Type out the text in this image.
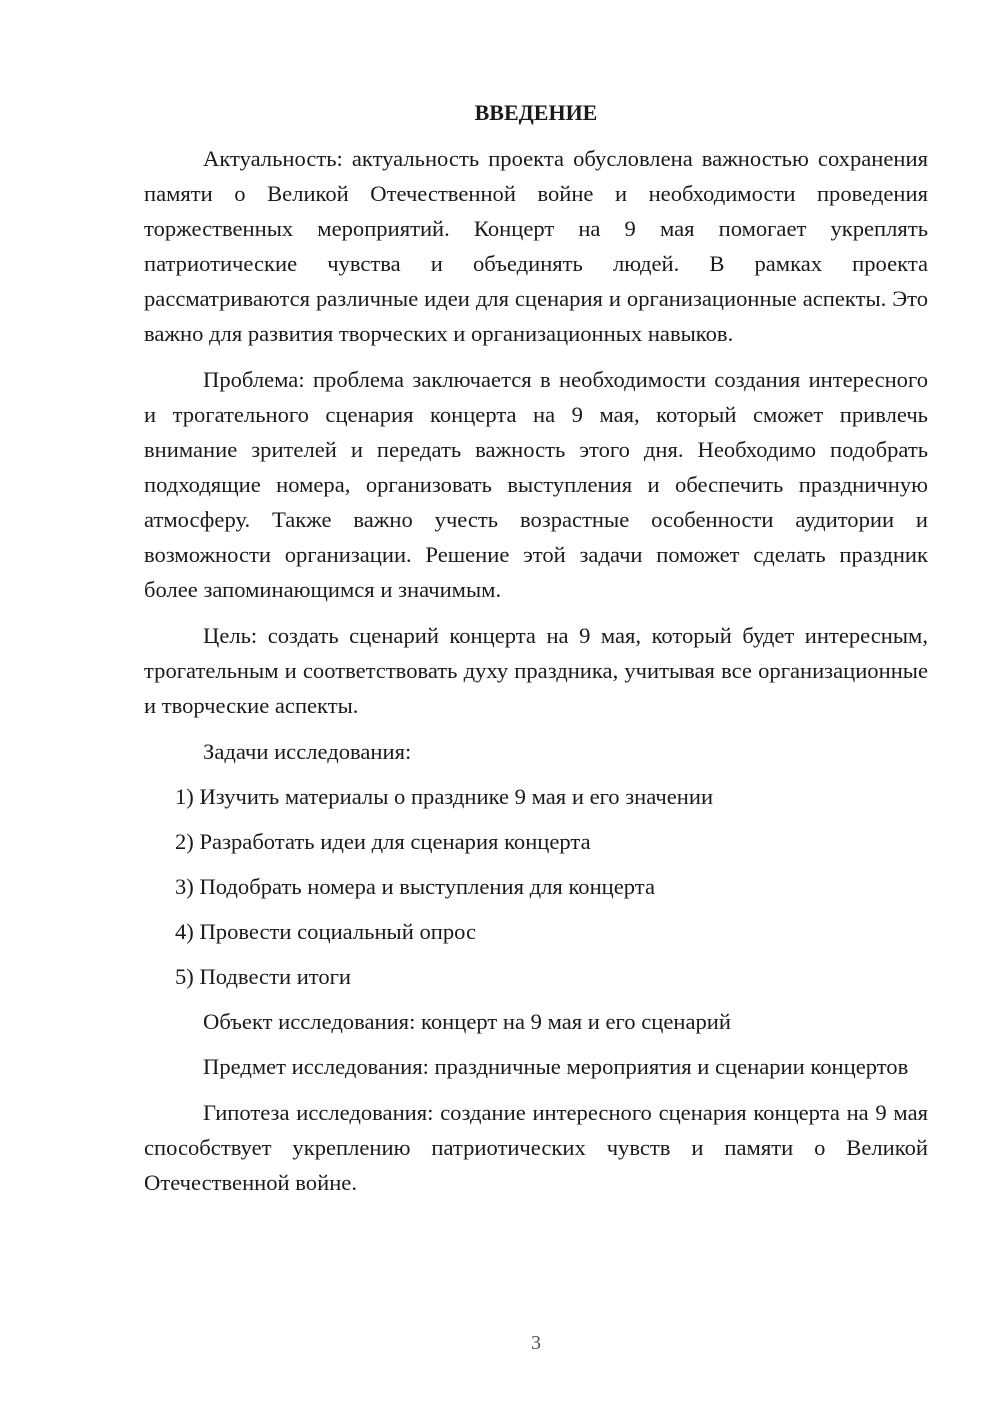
ВВЕДЕНИЕ

Актуальность: актуальность проекта обусловлена важностью сохранения памяти о Великой Отечественной войне и необходимости проведения торжественных мероприятий. Концерт на 9 мая помогает укреплять патриотические чувства и объединять людей. В рамках проекта рассматриваются различные идеи для сценария и организационные аспекты. Это важно для развития творческих и организационных навыков.

Проблема: проблема заключается в необходимости создания интересного и трогательного сценария концерта на 9 мая, который сможет привлечь внимание зрителей и передать важность этого дня. Необходимо подобрать подходящие номера, организовать выступления и обеспечить праздничную атмосферу. Также важно учесть возрастные особенности аудитории и возможности организации. Решение этой задачи поможет сделать праздник более запоминающимся и значимым.

Цель: создать сценарий концерта на 9 мая, который будет интересным, трогательным и соответствовать духу праздника, учитывая все организационные и творческие аспекты.

Задачи исследования:
1) Изучить материалы о празднике 9 мая и его значении
2) Разработать идеи для сценария концерта
3) Подобрать номера и выступления для концерта
4) Провести социальный опрос
5) Подвести итоги
Объект исследования: концерт на 9 мая и его сценарий

Предмет исследования: праздничные мероприятия и сценарии концертов

Гипотеза исследования: создание интересного сценария концерта на 9 мая способствует укреплению патриотических чувств и памяти о Великой Отечественной войне.

3
